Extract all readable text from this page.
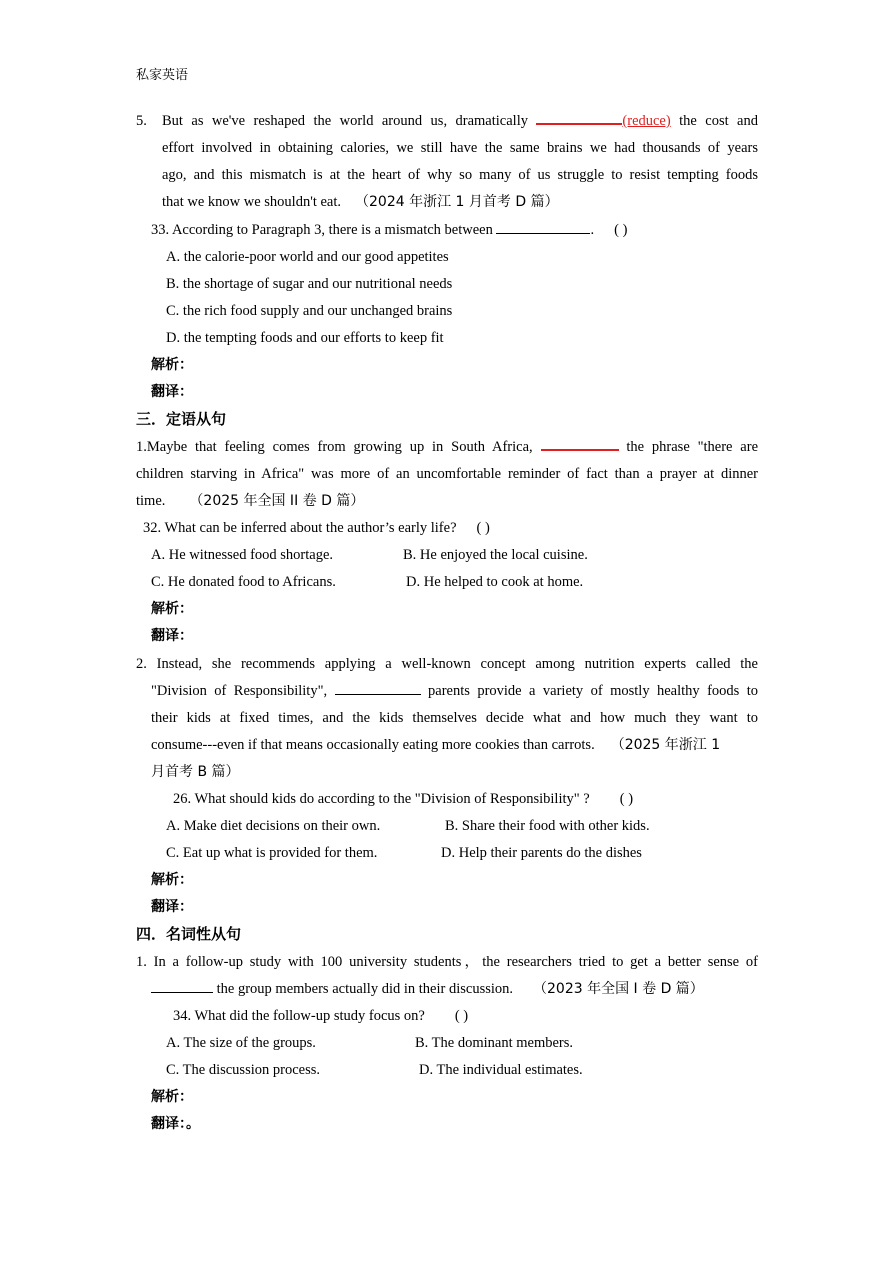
私家英语
5. But as we've reshaped the world around us, dramatically	(reduce) the cost and
effort involved in obtaining calories, we still have the same brains we had thousands of years
ago, and this mismatch is at the heart of why so many of us struggle to resist tempting foods
that we know we shouldn't eat. （2024 年浙江 1 月首考 D 篇）
33. According to Paragraph 3, there is a mismatch between	. ( )
A. the calorie-poor world and our good appetites
B. the shortage of sugar and our nutritional needs
C. the rich food supply and our unchanged brains
D. the tempting foods and our efforts to keep fit
解析：
翻译：
三．定语从句
1.Maybe that feeling comes from growing up in South Africa,	the phrase "there are
children starving in Africa" was more of an uncomfortable reminder of fact than a prayer at dinner
time. （2025 年全国 II 卷 D 篇）
32. What can be inferred about the author’s early life? ( )
A. He witnessed food shortage.	B. He enjoyed the local cuisine.
C. He donated food to Africans.	D. He helped to cook at home.
解析：
翻译：
2. Instead, she recommends applying a well-known concept among nutrition experts called the
"Division of Responsibility",	parents provide a variety of mostly healthy foods to
their kids at fixed times, and the kids themselves decide what and how much they want to
consume---even if that means occasionally eating more cookies than carrots. （2025 年浙江 1
月首考 B 篇）
26. What should kids do according to the "Division of Responsibility" ? ( )
A. Make diet decisions on their own.	B. Share their food with other kids.
C. Eat up what is provided for them.	D. Help their parents do the dishes
解析：
翻译：
四．名词性从句
1. In a follow-up study with 100 university students，the researchers tried to get a better sense of
the group members actually did in their discussion. （2023 年全国 I 卷 D 篇）
34. What did the follow-up study focus on? ( )
A. The size of the groups.	B. The dominant members.
C. The discussion process.	D. The individual estimates.
解析：
翻译：。
